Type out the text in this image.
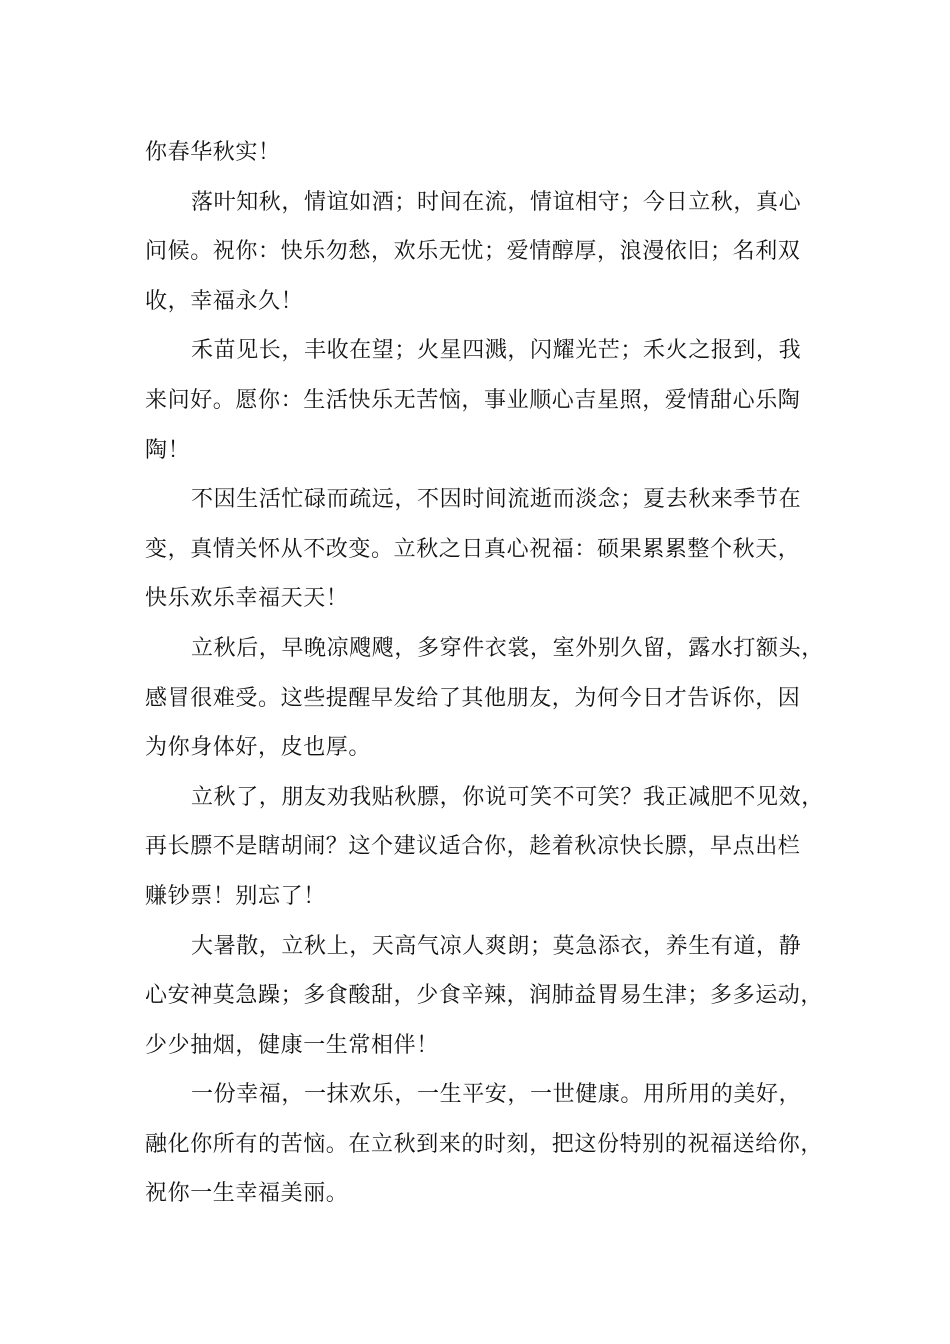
你春华秋实！
落叶知秋，情谊如酒；时间在流，情谊相守；今日立秋，真心
问候。祝你：快乐勿愁，欢乐无忧；爱情醇厚，浪漫依旧；名利双
收，幸福永久！
禾苗见长，丰收在望；火星四溅，闪耀光芒；禾火之报到，我
来问好。愿你：生活快乐无苦恼，事业顺心吉星照，爱情甜心乐陶
陶！
不因生活忙碌而疏远，不因时间流逝而淡念；夏去秋来季节在
变，真情关怀从不改变。立秋之日真心祝福：硕果累累整个秋天，
快乐欢乐幸福天天！
立秋后，早晚凉飕飕，多穿件衣裳，室外别久留，露水打额头，
感冒很难受。这些提醒早发给了其他朋友，为何今日才告诉你，因
为你身体好，皮也厚。
立秋了，朋友劝我贴秋膘，你说可笑不可笑？我正减肥不见效，
再长膘不是瞎胡闹？这个建议适合你，趁着秋凉快长膘，早点出栏
赚钞票！别忘了！
大暑散，立秋上，天高气凉人爽朗；莫急添衣，养生有道，静
心安神莫急躁；多食酸甜，少食辛辣，润肺益胃易生津；多多运动，
少少抽烟，健康一生常相伴！
一份幸福，一抹欢乐，一生平安，一世健康。用所用的美好，
融化你所有的苦恼。在立秋到来的时刻，把这份特别的祝福送给你，
祝你一生幸福美丽。
